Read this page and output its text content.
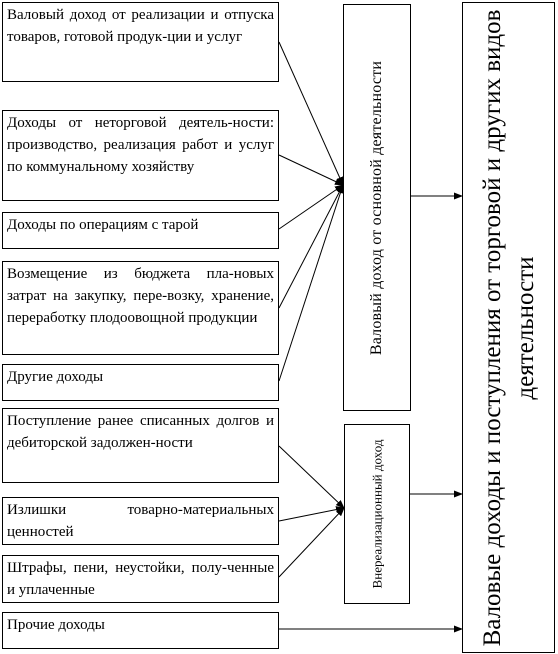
Валовый доход от реализации и отпуска товаров, готовой продук-ции и услуг
Доходы от неторговой деятель-ности: производство, реализация работ и услуг по коммунальному хозяйству
Доходы по операциям с тарой
Возмещение из бюджета пла-новых затрат на закупку, пере-возку, хранение, переработку плодоовощной продукции
Другие доходы
Поступление ранее списанных долгов и дебиторской задолжен-ности
Излишки товарно-материальных ценностей
Штрафы, пени, неустойки, полу-ченные и уплаченные
Прочие доходы
Валовый доход от основной деятельности
Внереализационный доход	Валовые доходы и поступления от торговой и других видов деятельности
